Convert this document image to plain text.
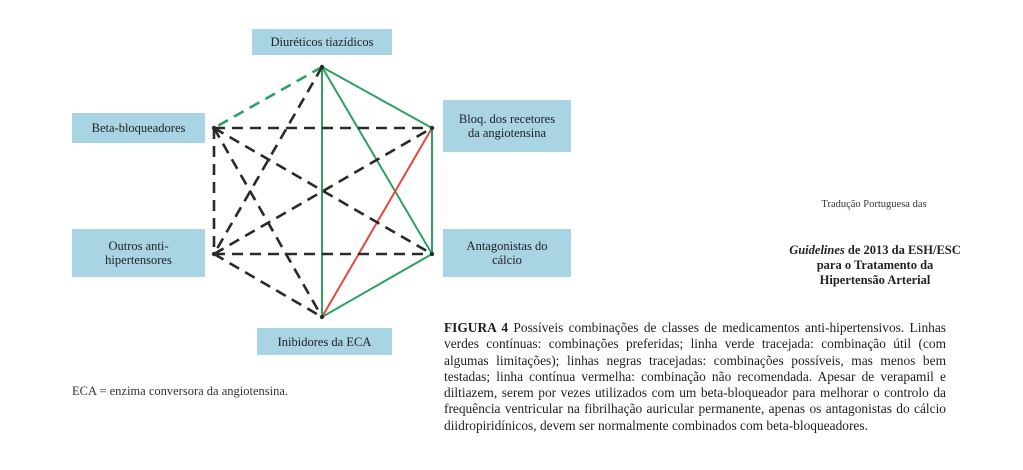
Diuréticos tiazídicos
Beta-bloqueadores
Bloq. dos recetores
da angiotensina
Outros anti-
hipertensores
Antagonistas do
cálcio
Inibidores da ECA
ECA = enzima conversora da angiotensina.
Tradução Portuguesa das
Guidelines de 2013 da ESH/ESC para o Tratamento da Hipertensão Arterial
FIGURA 4 Possíveis combinações de classes de medicamentos anti-hipertensivos. Linhas verdes contínuas: combinações preferidas; linha verde tracejada: combinação útil (com algumas limitações); linhas negras tracejadas: combinações possíveis, mas menos bem testadas; linha contínua vermelha: combinação não recomendada. Apesar de verapamil e diltiazem, serem por vezes utilizados com um beta-bloqueador para melhorar o controlo da frequência ventricular na fibrilhação auricular permanente, apenas os antagonistas do cálcio diidropiridínicos, devem ser normalmente combinados com beta-bloqueadores.
